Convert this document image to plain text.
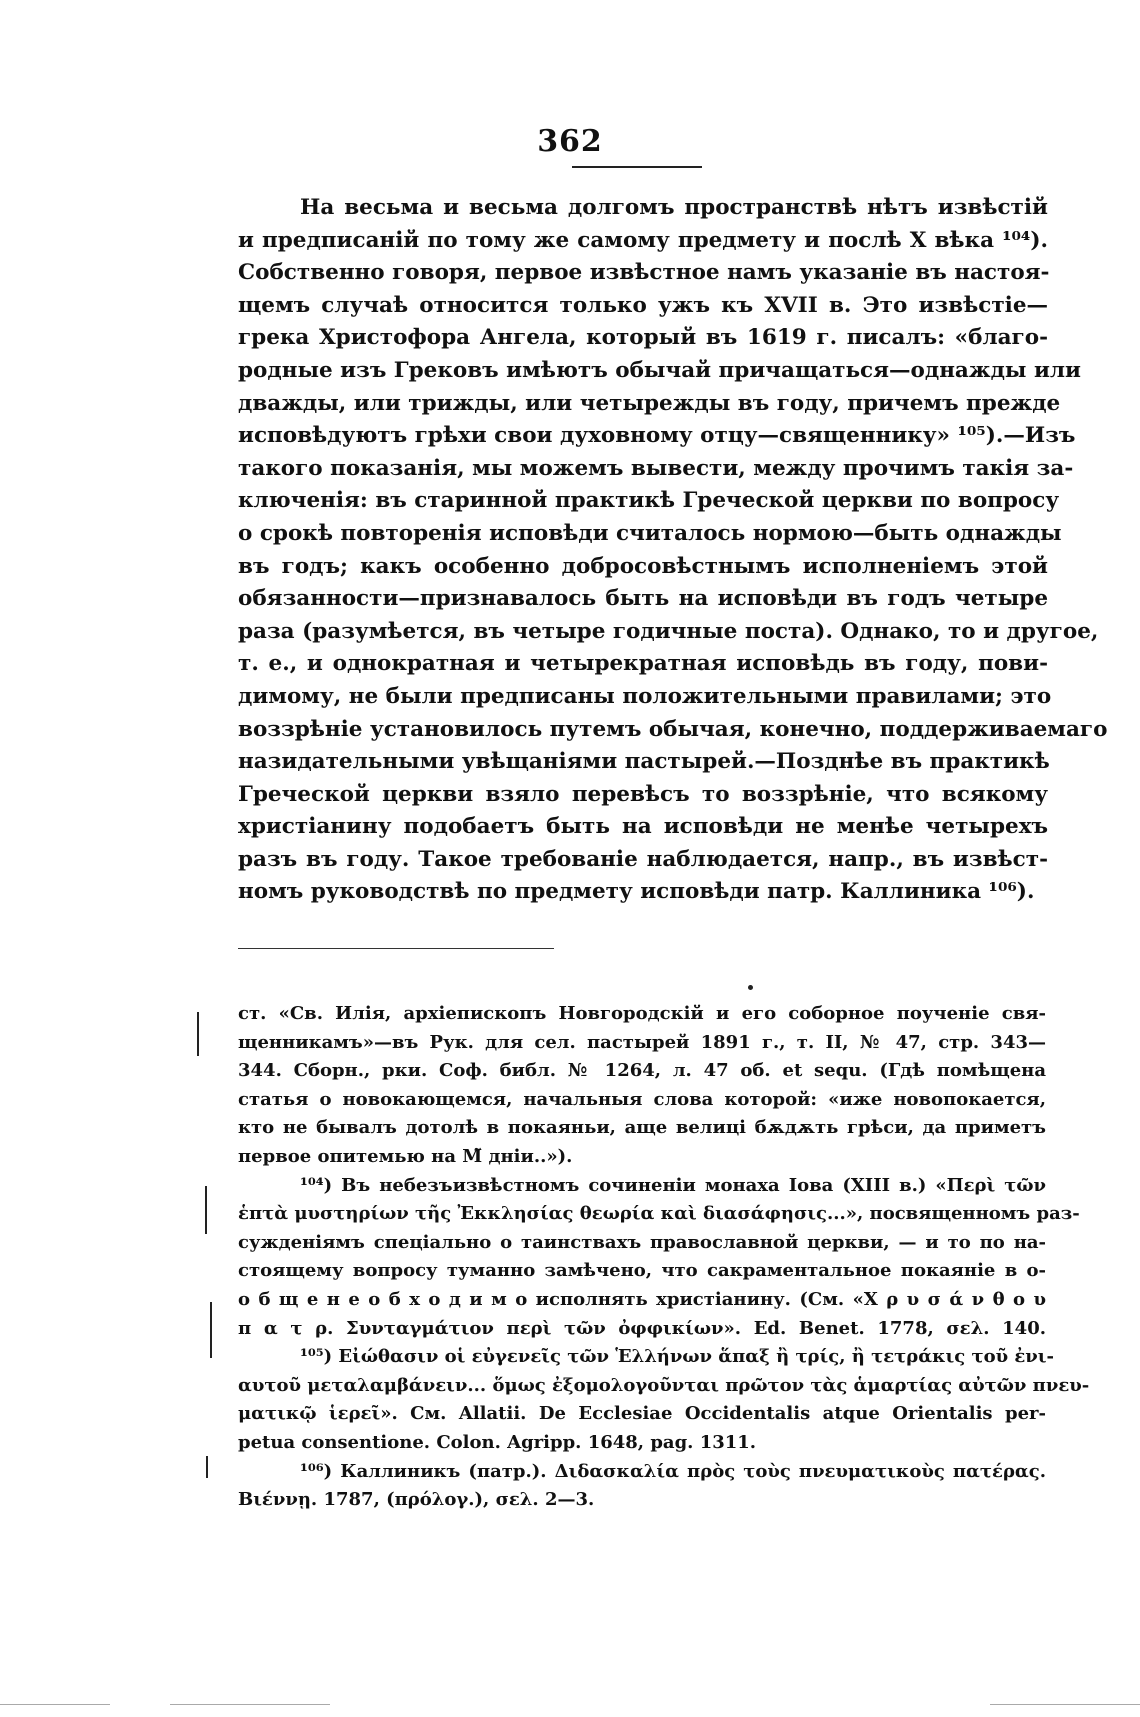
362
На весьма и весьма долгомъ пространствѣ нѣтъ извѣстій
и предписаній по тому же самому предмету и послѣ X вѣка ¹⁰⁴).
Собственно говоря, первое извѣстное намъ указаніе въ настоя-
щемъ случаѣ относится только ужъ къ XVII в. Это извѣстіе—
грека Христофора Ангела, который въ 1619 г. писалъ: «благо-
родные изъ Грековъ имѣютъ обычай причащаться—однажды или
дважды, или трижды, или четырежды въ году, причемъ прежде
исповѣдуютъ грѣхи свои духовному отцу—священнику» ¹⁰⁵).—Изъ
такого показанія, мы можемъ вывести, между прочимъ такія за-
ключенія: въ старинной практикѣ Греческой церкви по вопросу
о срокѣ повторенія исповѣди считалось нормою—быть однажды
въ годъ; какъ особенно добросовѣстнымъ исполненіемъ этой
обязанности—признавалось быть на исповѣди въ годъ четыре
раза (разумѣется, въ четыре годичные поста). Однако, то и другое,
т. е., и однократная и четырекратная исповѣдь въ году, пови-
димому, не были предписаны положительными правилами; это
воззрѣніе установилось путемъ обычая, конечно, поддерживаемаго
назидательными увѣщаніями пастырей.—Позднѣе въ практикѣ
Греческой церкви взяло перевѣсъ то воззрѣніе, что всякому
христіанину подобаетъ быть на исповѣди не менѣе четырехъ
разъ въ году. Такое требованіе наблюдается, напр., въ извѣст-
номъ руководствѣ по предмету исповѣди патр. Каллиника ¹⁰⁶).
ст. «Св. Илія, архіепископъ Новгородскій и его соборное поученіе свя-
щенникамъ»—въ Рук. для сел. пастырей 1891 г., т. II, № 47, стр. 343—
344. Сборн., рки. Соф. библ. № 1264, л. 47 об. et sequ. (Гдѣ помѣщена
статья о новокающемся, начальныя слова которой: «иже новопокается,
кто не бывалъ дотолѣ в покаяньи, аще велиці бѫдѫть грѣси, да приметъ
первое опитемью на М̃ днiи..»).
¹⁰⁴) Въ небезъизвѣстномъ сочиненіи монаха Іова (XIII в.) «Περὶ τῶν
ἑπτὰ μυστηρίων τῆς Ἐκκλησίας θεωρία καὶ διασάφησις...», посвященномъ раз-
сужденіямъ спеціально о таинствахъ православной церкви, — и то по на-
стоящему вопросу туманно замѣчено, что сакраментальное покаяніе в о-
о б щ е н е о б х о д и м о исполнять христіанину. (См. «Χ ρ υ σ ά ν θ ο υ
π α τ ρ. Συνταγμάτιον περὶ τῶν ὀφφικίων». Ed. Benet. 1778, σελ. 140.
¹⁰⁵) Εἰώθασιν οἱ εὐγενεῖς τῶν Ἑλλήνων ἅπαξ ἢ τρίς, ἢ τετράκις τοῦ ἐνι-
αυτοῦ μεταλαμβάνειν... ὅμως ἐξομολογοῦνται πρῶτον τὰς ἁμαρτίας αὐτῶν πνευ-
ματικῷ ἱερεῖ». См. Allatii. De Ecclesiae Occidentalis atque Orientalis per-
petua consentione. Colon. Agripp. 1648, pag. 1311.
¹⁰⁶) Каллиникъ (патр.). Διδασκαλία πρὸς τοὺς πνευματικοὺς πατέρας.
Βιέννῃ. 1787, (πρόλογ.), σελ. 2—3.
